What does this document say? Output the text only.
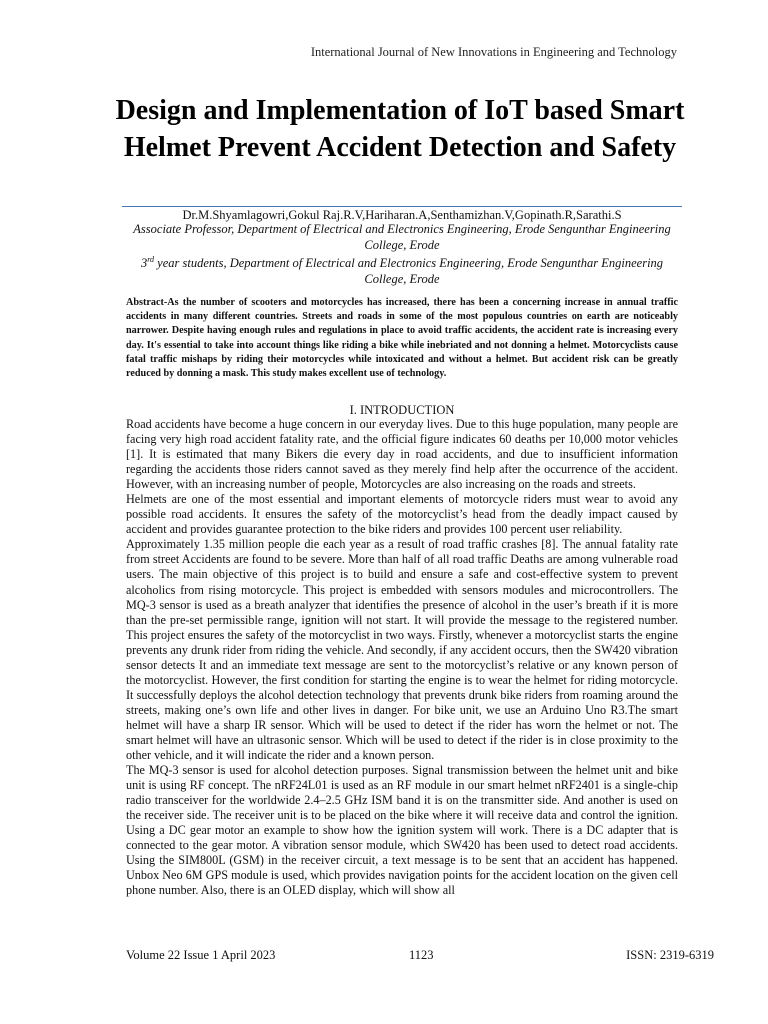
International Journal of New Innovations in Engineering and Technology
Design and Implementation of IoT based Smart Helmet Prevent Accident Detection and Safety
Dr.M.Shyamlagowri,Gokul Raj.R.V,Hariharan.A,Senthamizhan.V,Gopinath.R,Sarathi.S
Associate Professor, Department of Electrical and Electronics Engineering, Erode Sengunthar Engineering College, Erode
3rd year students, Department of Electrical and Electronics Engineering, Erode Sengunthar Engineering College, Erode
Abstract-As the number of scooters and motorcycles has increased, there has been a concerning increase in annual traffic accidents in many different countries. Streets and roads in some of the most populous countries on earth are noticeably narrower. Despite having enough rules and regulations in place to avoid traffic accidents, the accident rate is increasing every day. It's essential to take into account things like riding a bike while inebriated and not donning a helmet. Motorcyclists cause fatal traffic mishaps by riding their motorcycles while intoxicated and without a helmet. But accident risk can be greatly reduced by donning a mask. This study makes excellent use of technology.
I. INTRODUCTION

Road accidents have become a huge concern in our everyday lives. Due to this huge population, many people are facing very high road accident fatality rate, and the official figure indicates 60 deaths per 10,000 motor vehicles [1]. It is estimated that many Bikers die every day in road accidents, and due to insufficient information regarding the accidents those riders cannot saved as they merely find help after the occurrence of the accident. However, with an increasing number of people, Motorcycles are also increasing on the roads and streets.

Helmets are one of the most essential and important elements of motorcycle riders must wear to avoid any possible road accidents. It ensures the safety of the motorcyclist’s head from the deadly impact caused by accident and provides guarantee protection to the bike riders and provides 100 percent user reliability.

Approximately 1.35 million people die each year as a result of road traffic crashes [8]. The annual fatality rate from street Accidents are found to be severe. More than half of all road traffic Deaths are among vulnerable road users. The main objective of this project is to build and ensure a safe and cost-effective system to prevent alcoholics from rising motorcycle. This project is embedded with sensors modules and microcontrollers. The MQ-3 sensor is used as a breath analyzer that identifies the presence of alcohol in the user’s breath if it is more than the pre-set permissible range, ignition will not start. It will provide the message to the registered number. This project ensures the safety of the motorcyclist in two ways. Firstly, whenever a motorcyclist starts the engine prevents any drunk rider from riding the vehicle. And secondly, if any accident occurs, then the SW420 vibration sensor detects It and an immediate text message are sent to the motorcyclist’s relative or any known person of the motorcyclist. However, the first condition for starting the engine is to wear the helmet for riding motorcycle. It successfully deploys the alcohol detection technology that prevents drunk bike riders from roaming around the streets, making one’s own life and other lives in danger. For bike unit, we use an Arduino Uno R3.The smart helmet will have a sharp IR sensor. Which will be used to detect if the rider has worn the helmet or not. The smart helmet will have an ultrasonic sensor. Which will be used to detect if the rider is in close proximity to the other vehicle, and it will indicate the rider and a known person.

The MQ-3 sensor is used for alcohol detection purposes. Signal transmission between the helmet unit and bike unit is using RF concept. The nRF24L01 is used as an RF module in our smart helmet nRF2401 is a single-chip radio transceiver for the worldwide 2.4–2.5 GHz ISM band it is on the transmitter side. And another is used on the receiver side. The receiver unit is to be placed on the bike where it will receive data and control the ignition. Using a DC gear motor an example to show how the ignition system will work. There is a DC adapter that is connected to the gear motor. A vibration sensor module, which SW420 has been used to detect road accidents. Using the SIM800L (GSM) in the receiver circuit, a text message is to be sent that an accident has happened. Unbox Neo 6M GPS module is used, which provides navigation points for the accident location on the given cell phone number. Also, there is an OLED display, which will show all

Volume 22 Issue 1 April 2023	1123	ISSN: 2319-6319
